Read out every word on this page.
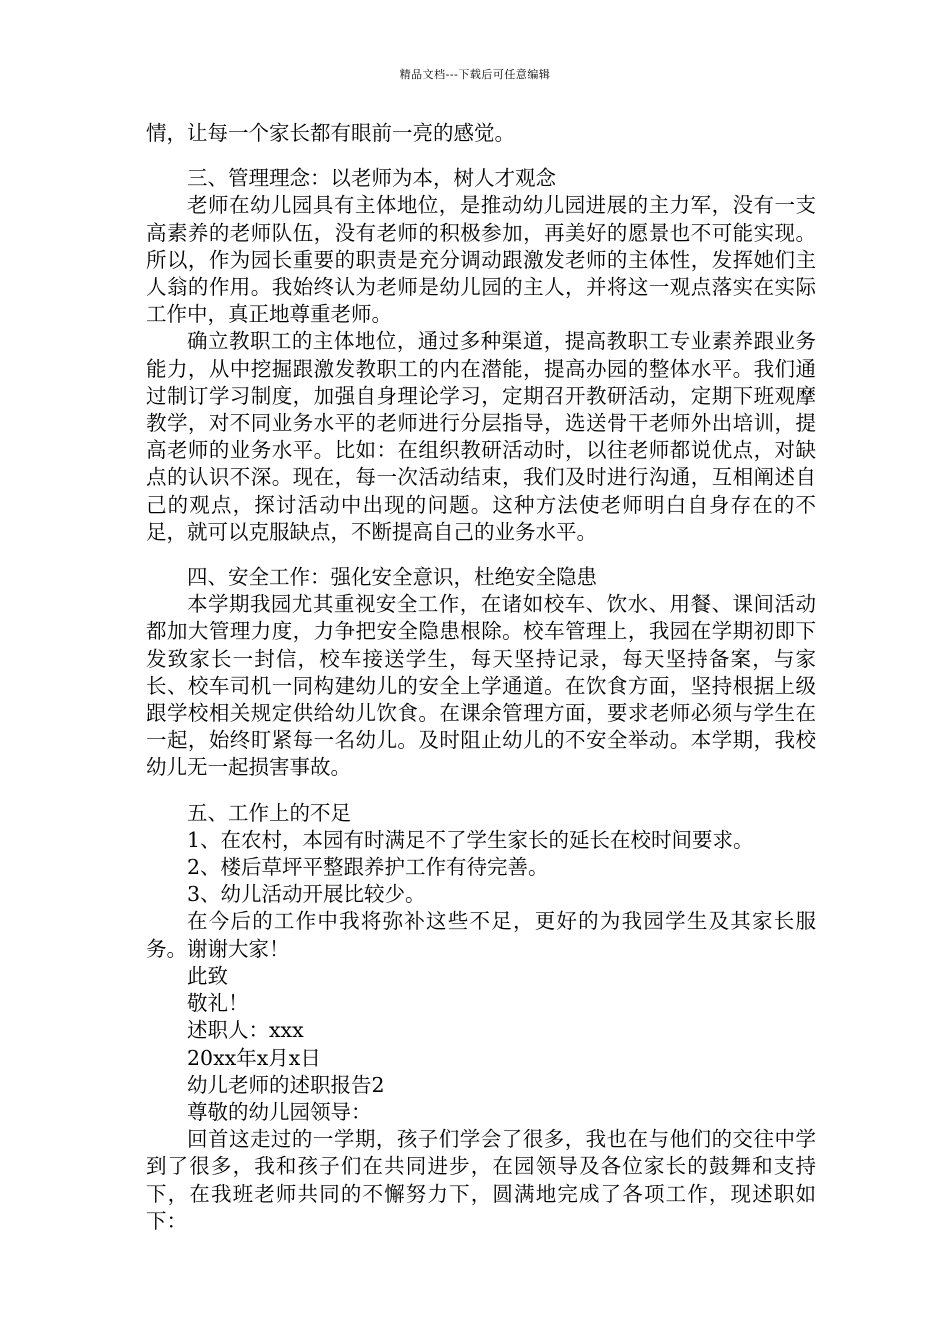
精品文档---下载后可任意编辑

情，让每一个家长都有眼前一亮的感觉。

三、管理理念：以老师为本，树人才观念

老师在幼儿园具有主体地位，是推动幼儿园进展的主力军，没有一支高素养的老师队伍，没有老师的积极参加，再美好的愿景也不可能实现。所以，作为园长重要的职责是充分调动跟激发老师的主体性，发挥她们主人翁的作用。我始终认为老师是幼儿园的主人，并将这一观点落实在实际工作中，真正地尊重老师。

确立教职工的主体地位，通过多种渠道，提高教职工专业素养跟业务能力，从中挖掘跟激发教职工的内在潜能，提高办园的整体水平。我们通过制订学习制度，加强自身理论学习，定期召开教研活动，定期下班观摩教学，对不同业务水平的老师进行分层指导，选送骨干老师外出培训，提高老师的业务水平。比如：在组织教研活动时，以往老师都说优点，对缺点的认识不深。现在，每一次活动结束，我们及时进行沟通，互相阐述自己的观点，探讨活动中出现的问题。这种方法使老师明白自身存在的不足，就可以克服缺点，不断提高自己的业务水平。

四、安全工作：强化安全意识，杜绝安全隐患

本学期我园尤其重视安全工作，在诸如校车、饮水、用餐、课间活动都加大管理力度，力争把安全隐患根除。校车管理上，我园在学期初即下发致家长一封信，校车接送学生，每天坚持记录，每天坚持备案，与家长、校车司机一同构建幼儿的安全上学通道。在饮食方面，坚持根据上级跟学校相关规定供给幼儿饮食。在课余管理方面，要求老师必须与学生在一起，始终盯紧每一名幼儿。及时阻止幼儿的不安全举动。本学期，我校幼儿无一起损害事故。

五、工作上的不足

1、在农村，本园有时满足不了学生家长的延长在校时间要求。

2、楼后草坪平整跟养护工作有待完善。

3、幼儿活动开展比较少。

在今后的工作中我将弥补这些不足，更好的为我园学生及其家长服务。谢谢大家！

此致

敬礼！

述职人：xxx

20xx年x月x日

幼儿老师的述职报告2

尊敬的幼儿园领导：

回首这走过的一学期，孩子们学会了很多，我也在与他们的交往中学到了很多，我和孩子们在共同进步，在园领导及各位家长的鼓舞和支持下，在我班老师共同的不懈努力下，圆满地完成了各项工作，现述职如下：
